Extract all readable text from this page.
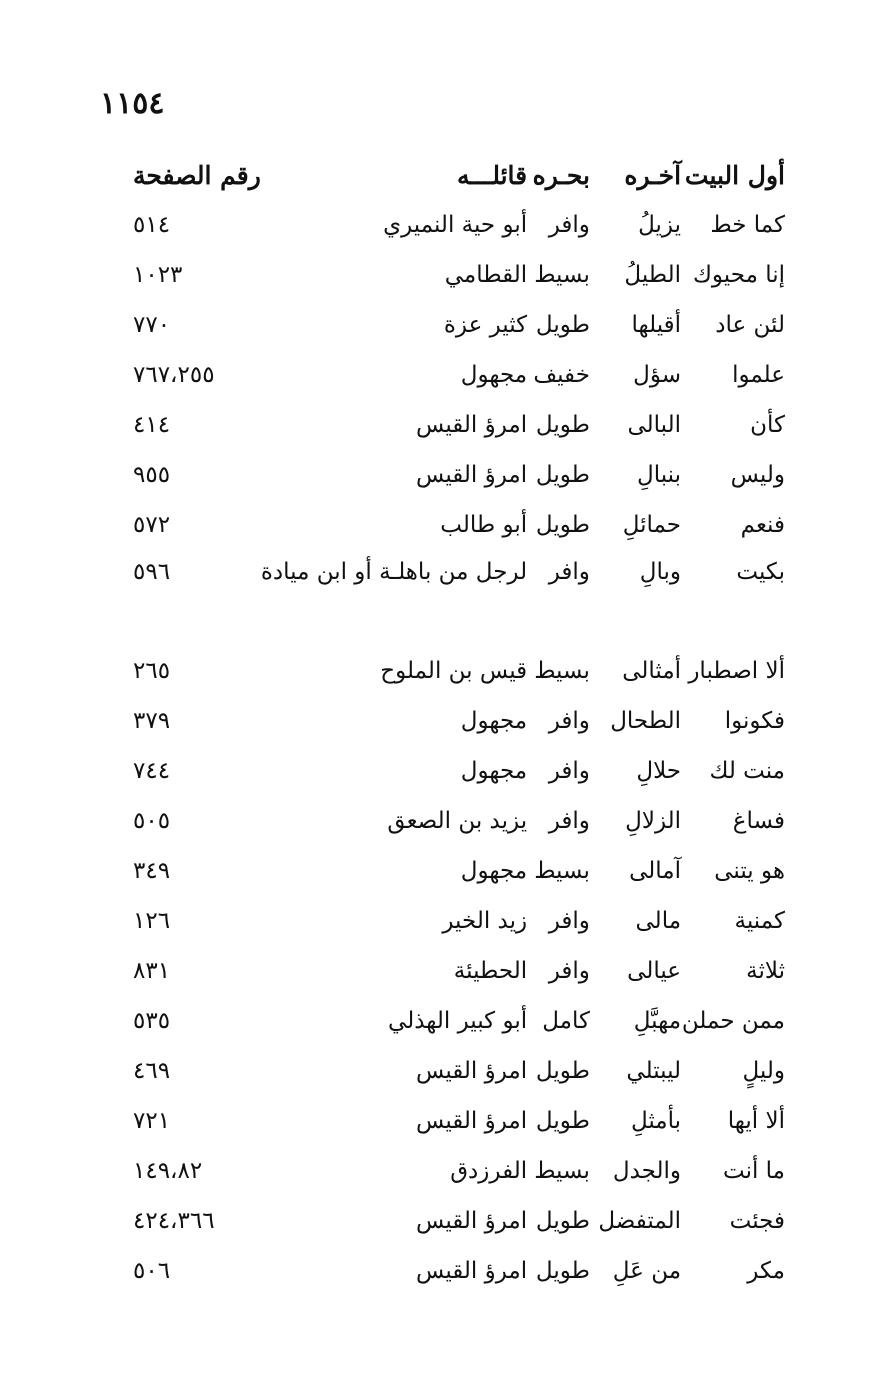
١١٥٤
أول البيت	آخـره	بحـره	قائلـــه	رقم الصفحة
كما خط	يزيلُ	وافر	أبو حية النميري	٥١٤
إنا محيوك	الطيلُ	بسيط	القطامي	١٠٢٣
لئن عاد	أقيلها	طويل	كثير عزة	٧٧٠
علموا	سؤل	خفيف	مجهول	٧٦٧،٢٥٥
كأن	البالى	طويل	امرؤ القيس	٤١٤
وليس	بنبالِ	طويل	امرؤ القيس	٩٥٥
فنعم	حمائلِ	طويل	أبو طالب	٥٧٢
بكيت	وبالِ	وافر	لرجل من باهلـة أو ابن ميادة	٥٩٦
ألا اصطبار	أمثالى	بسيط	قيس بن الملوح	٢٦٥
فكونوا	الطحال	وافر	مجهول	٣٧٩
منت لك	حلالِ	وافر	مجهول	٧٤٤
فساغ	الزلالِ	وافر	يزيد بن الصعق	٥٠٥
هو يتنى	آمالى	بسيط	مجهول	٣٤٩
كمنية	مالى	وافر	زيد الخير	١٢٦
ثلاثة	عيالى	وافر	الحطيئة	٨٣١
ممن حملن	مهبَّلِ	كامل	أبو كبير الهذلي	٥٣٥
وليلٍ	ليبتلي	طويل	امرؤ القيس	٤٦٩
ألا أيها	بأمثلِ	طويل	امرؤ القيس	٧٢١
ما أنت	والجدل	بسيط	الفرزدق	١٤٩،٨٢
فجئت	المتفضل	طويل	امرؤ القيس	٤٢٤،٣٦٦
مكر	من عَلِ	طويل	امرؤ القيس	٥٠٦
